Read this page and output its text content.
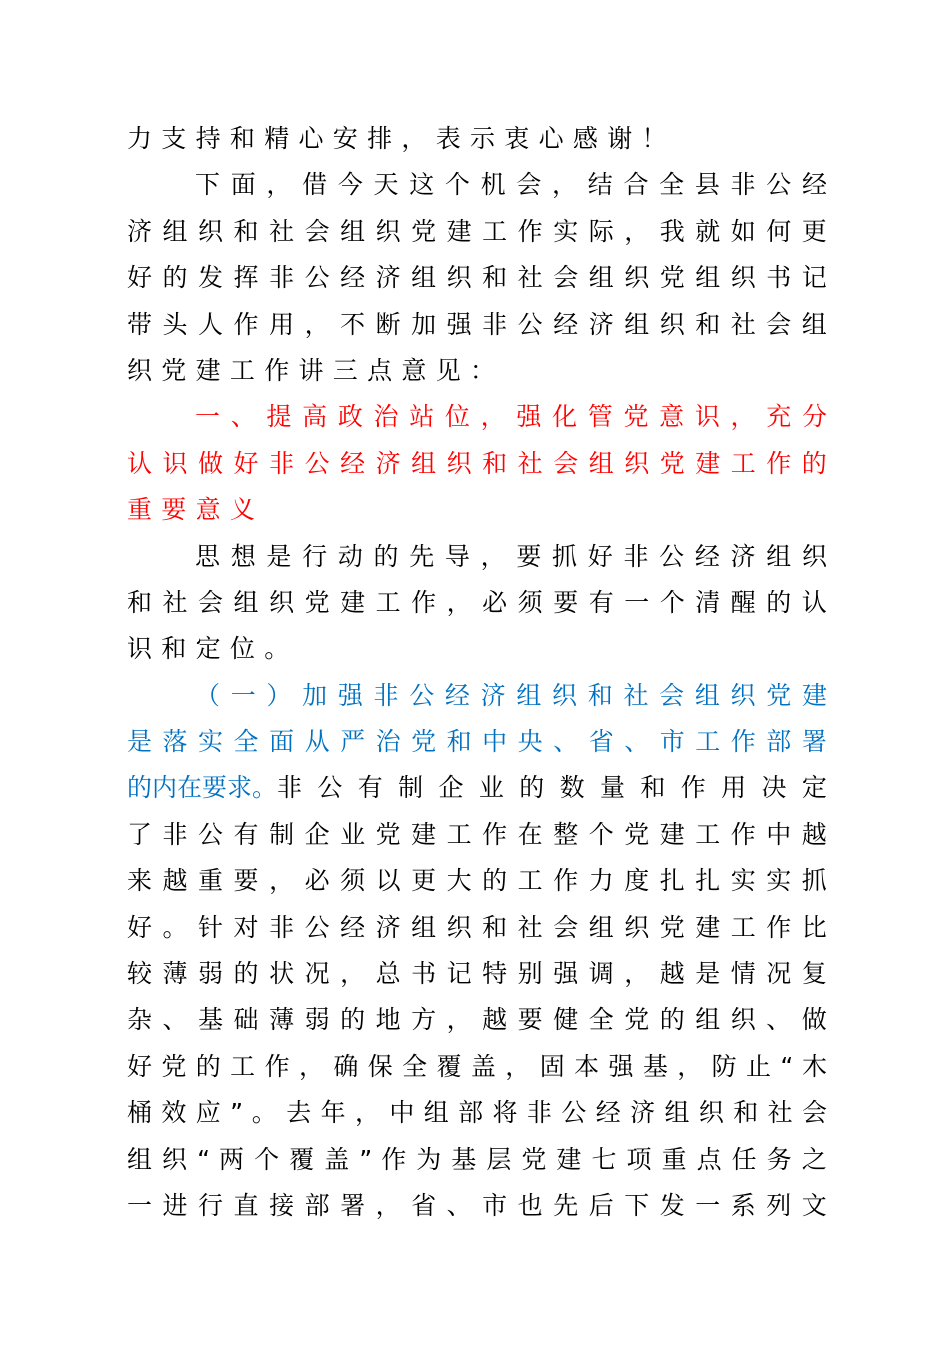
力支持和精心安排，表示衷心感谢！
下 面 ， 借 今 天 这 个 机 会 ， 结 合 全 县 非 公 经
济 组 织 和 社 会 组 织 党 建 工 作 实 际 ， 我 就 如 何 更
好 的 发 挥 非 公 经 济 组 织 和 社 会 组 织 党 组 织 书 记
带 头 人 作 用 ， 不 断 加 强 非 公 经 济 组 织 和 社 会 组
织党建工作讲三点意见：
一 、 提 高 政 治 站 位 ， 强 化 管 党 意 识 ， 充 分
认 识 做 好 非 公 经 济 组 织 和 社 会 组 织 党 建 工 作 的
重要意义
思 想 是 行 动 的 先 导 ， 要 抓 好 非 公 经 济 组 织
和 社 会 组 织 党 建 工 作 ， 必 须 要 有 一 个 清 醒 的 认
识和定位。
（ 一 ） 加 强 非 公 经 济 组 织 和 社 会 组 织 党 建
是 落 实 全 面 从 严 治 党 和 中 央 、 省 、 市 工 作 部 署
的内在要求。 非 公 有 制 企 业 的 数 量 和 作 用 决 定
了 非 公 有 制 企 业 党 建 工 作 在 整 个 党 建 工 作 中 越
来 越 重 要 ， 必 须 以 更 大 的 工 作 力 度 扎 扎 实 实 抓
好 。 针 对 非 公 经 济 组 织 和 社 会 组 织 党 建 工 作 比
较 薄 弱 的 状 况 ， 总 书 记 特 别 强 调 ， 越 是 情 况 复
杂 、 基 础 薄 弱 的 地 方 ， 越 要 健 全 党 的 组 织 、 做
好 党 的 工 作 ， 确 保 全 覆 盖 ， 固 本 强 基 ， 防 止 “ 木
桶 效 应 ” 。 去 年 ， 中 组 部 将 非 公 经 济 组 织 和 社 会
组 织 “ 两 个 覆 盖 ” 作 为 基 层 党 建 七 项 重 点 任 务 之
一 进 行 直 接 部 署 ， 省 、 市 也 先 后 下 发 一 系 列 文
